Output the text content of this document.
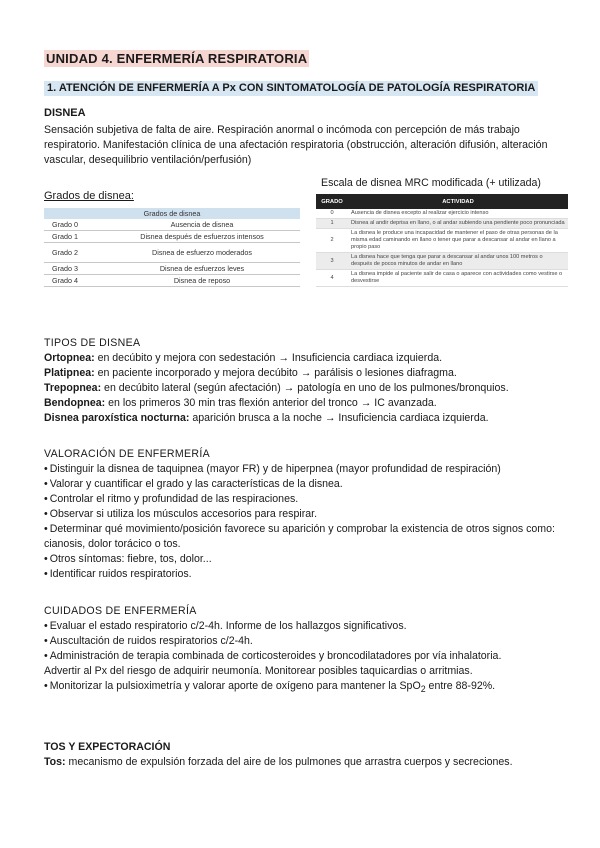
UNIDAD 4. ENFERMERÍA RESPIRATORIA
1. ATENCIÓN DE ENFERMERÍA A Px CON SINTOMATOLOGÍA DE PATOLOGÍA RESPIRATORIA
DISNEA

Sensación subjetiva de falta de aire. Respiración anormal o incómoda con percepción de más trabajo respiratorio. Manifestación clínica de una afectación respiratoria (obstrucción, alteración difusión, alteración vascular, desequilibrio ventilación/perfusión)

Grados de disnea:

Grados de disnea	
Grado 0	Ausencia de disnea
Grado 1	Disnea después de esfuerzos intensos
Grado 2	Disnea de esfuerzo moderados
Grado 3	Disnea de esfuerzos leves
Grado 4	Disnea de reposo

Escala de disnea MRC modificada (+ utilizada)

GRADO	ACTIVIDAD
0	Ausencia de disnea excepto al realizar ejercicio intenso
1	Disnea al andir deprisa en llano, o al andar subiendo una pendiente poco pronunciada
2	La disnea le produce una incapacidad de mantener el paso de otras personas de la misma edad caminando en llano o tener que parar a descansar al andar en llano a propio paso
3	La disnea hace que tenga que parar a descansar al andar unos 100 metros o después de pocos minutos de andar en llano
4	La disnea impide al paciente salir de casa o aparece con actividades como vestirse o desvestirse

TIPOS DE DISNEA

Ortopnea: en decúbito y mejora con sedestación → Insuficiencia cardiaca izquierda.

Platipnea: en paciente incorporado y mejora decúbito → parálisis o lesiones diafragma.

Trepopnea: en decúbito lateral (según afectación) → patología en uno de los pulmones/bronquios.

Bendopnea: en los primeros 30 min tras flexión anterior del tronco → IC avanzada.

Disnea paroxística nocturna: aparición brusca a la noche → Insuficiencia cardiaca izquierda.

VALORACIÓN DE ENFERMERÍA

• Distinguir la disnea de taquipnea (mayor FR) y de hiperpnea (mayor profundidad de respiración)

• Valorar y cuantificar el grado y las características de la disnea.

• Controlar el ritmo y profundidad de las respiraciones.

• Observar si utiliza los músculos accesorios para respirar.

• Determinar qué movimiento/posición favorece su aparición y comprobar la existencia de otros signos como: cianosis, dolor torácico o tos.

• Otros síntomas: fiebre, tos, dolor...

• Identificar ruidos respiratorios.

CUIDADOS DE ENFERMERÍA

• Evaluar el estado respiratorio c/2-4h. Informe de los hallazgos significativos.

• Auscultación de ruidos respiratorios c/2-4h.

• Administración de terapia combinada de corticosteroides y broncodilatadores por vía inhalatoria.

Advertir al Px del riesgo de adquirir neumonía. Monitorear posibles taquicardias o arritmias.

• Monitorizar la pulsioximetría y valorar aporte de oxígeno para mantener la SpO$_2$ entre 88-92%.

TOS Y EXPECTORACIÓN

Tos: mecanismo de expulsión forzada del aire de los pulmones que arrastra cuerpos y secreciones.
